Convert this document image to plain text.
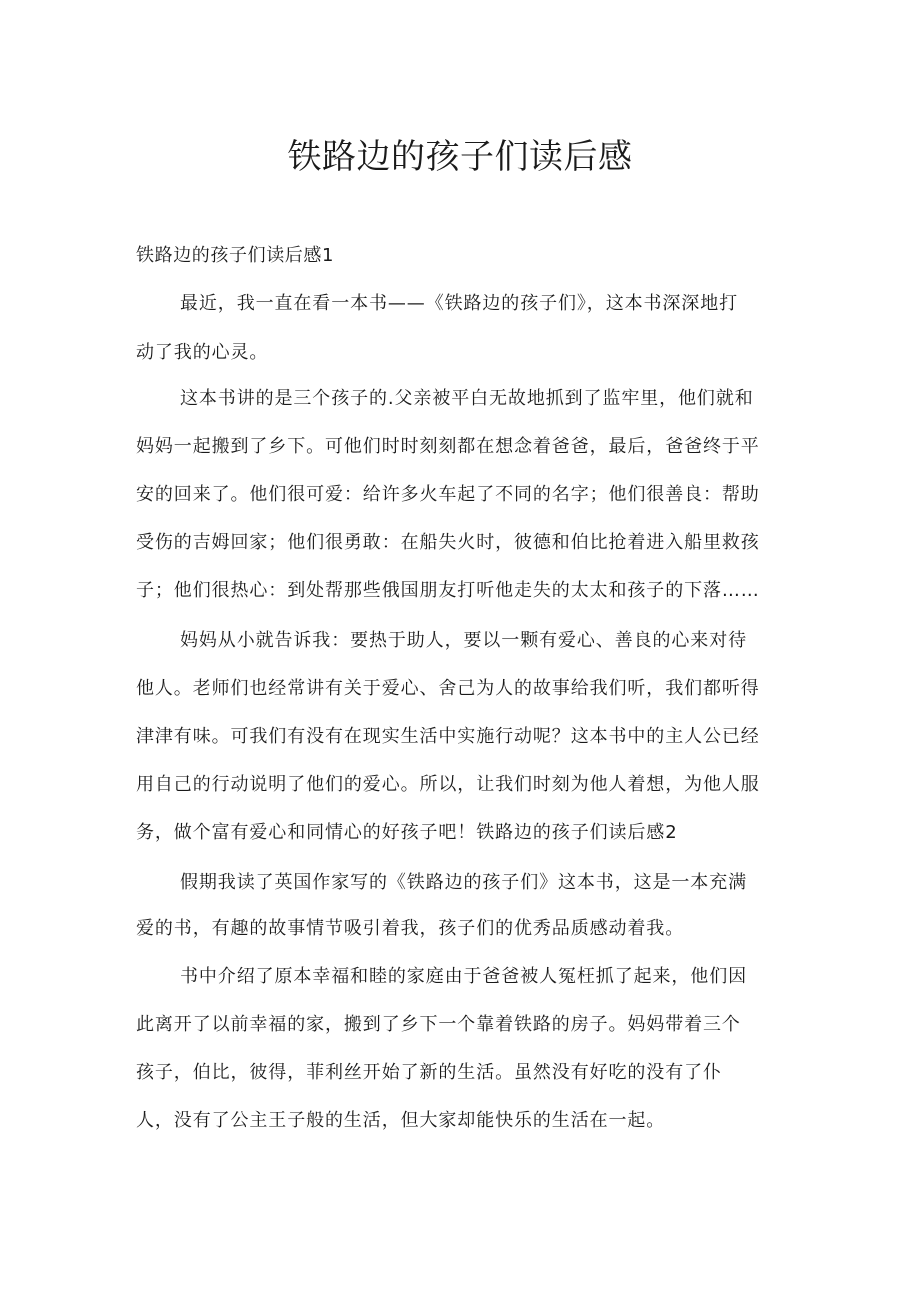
铁路边的孩子们读后感

铁路边的孩子们读后感1

最近，我一直在看一本书——《铁路边的孩子们》，这本书深深地打

动了我的心灵。

这本书讲的是三个孩子的.父亲被平白无故地抓到了监牢里，他们就和

妈妈一起搬到了乡下。可他们时时刻刻都在想念着爸爸，最后，爸爸终于平

安的回来了。他们很可爱：给许多火车起了不同的名字；他们很善良：帮助

受伤的吉姆回家；他们很勇敢：在船失火时，彼德和伯比抢着进入船里救孩

子；他们很热心：到处帮那些俄国朋友打听他走失的太太和孩子的下落……

妈妈从小就告诉我：要热于助人，要以一颗有爱心、善良的心来对待

他人。老师们也经常讲有关于爱心、舍己为人的故事给我们听，我们都听得

津津有味。可我们有没有在现实生活中实施行动呢？这本书中的主人公已经

用自己的行动说明了他们的爱心。所以，让我们时刻为他人着想，为他人服

务，做个富有爱心和同情心的好孩子吧！铁路边的孩子们读后感2

假期我读了英国作家写的《铁路边的孩子们》这本书，这是一本充满

爱的书，有趣的故事情节吸引着我，孩子们的优秀品质感动着我。

书中介绍了原本幸福和睦的家庭由于爸爸被人冤枉抓了起来，他们因

此离开了以前幸福的家，搬到了乡下一个靠着铁路的房子。妈妈带着三个

孩子，伯比，彼得，菲利丝开始了新的生活。虽然没有好吃的没有了仆

人，没有了公主王子般的生活，但大家却能快乐的生活在一起。
